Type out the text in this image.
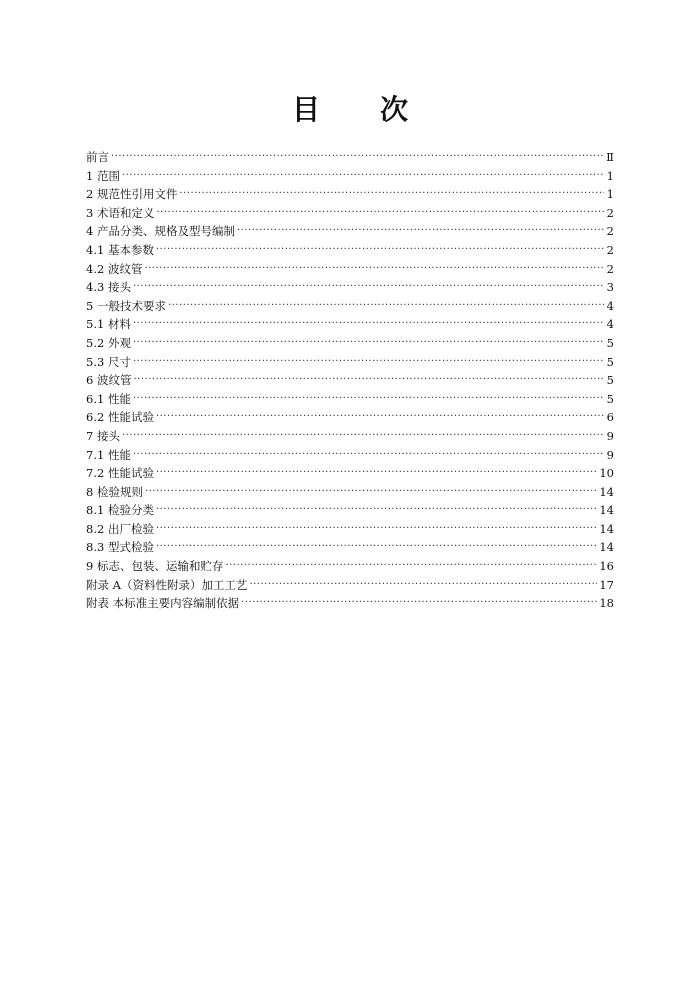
目 次
前言 ·····	Ⅱ
1 范围 ·····	1
2 规范性引用文件 ·····	1
3 术语和定义 ·····	2
4 产品分类、规格及型号编制 ·····	2
4.1 基本参数 ·····	2
4.2 波纹管 ·····	2
4.3 接头 ·····	3
5 一般技术要求 ·····	4
5.1 材料 ·····	4
5.2 外观 ·····	5
5.3 尺寸 ·····	5
6 波纹管 ·····	5
6.1 性能 ·····	5
6.2 性能试验 ·····	6
7 接头 ·····	9
7.1 性能 ·····	9
7.2 性能试验 ·····	10
8 检验规则 ·····	14
8.1 检验分类 ·····	14
8.2 出厂检验 ·····	14
8.3 型式检验 ·····	14
9 标志、包装、运输和贮存 ·····	16
附录 A（资料性附录）加工工艺 ·····	17
附表 本标准主要内容编制依据 ·····	18
